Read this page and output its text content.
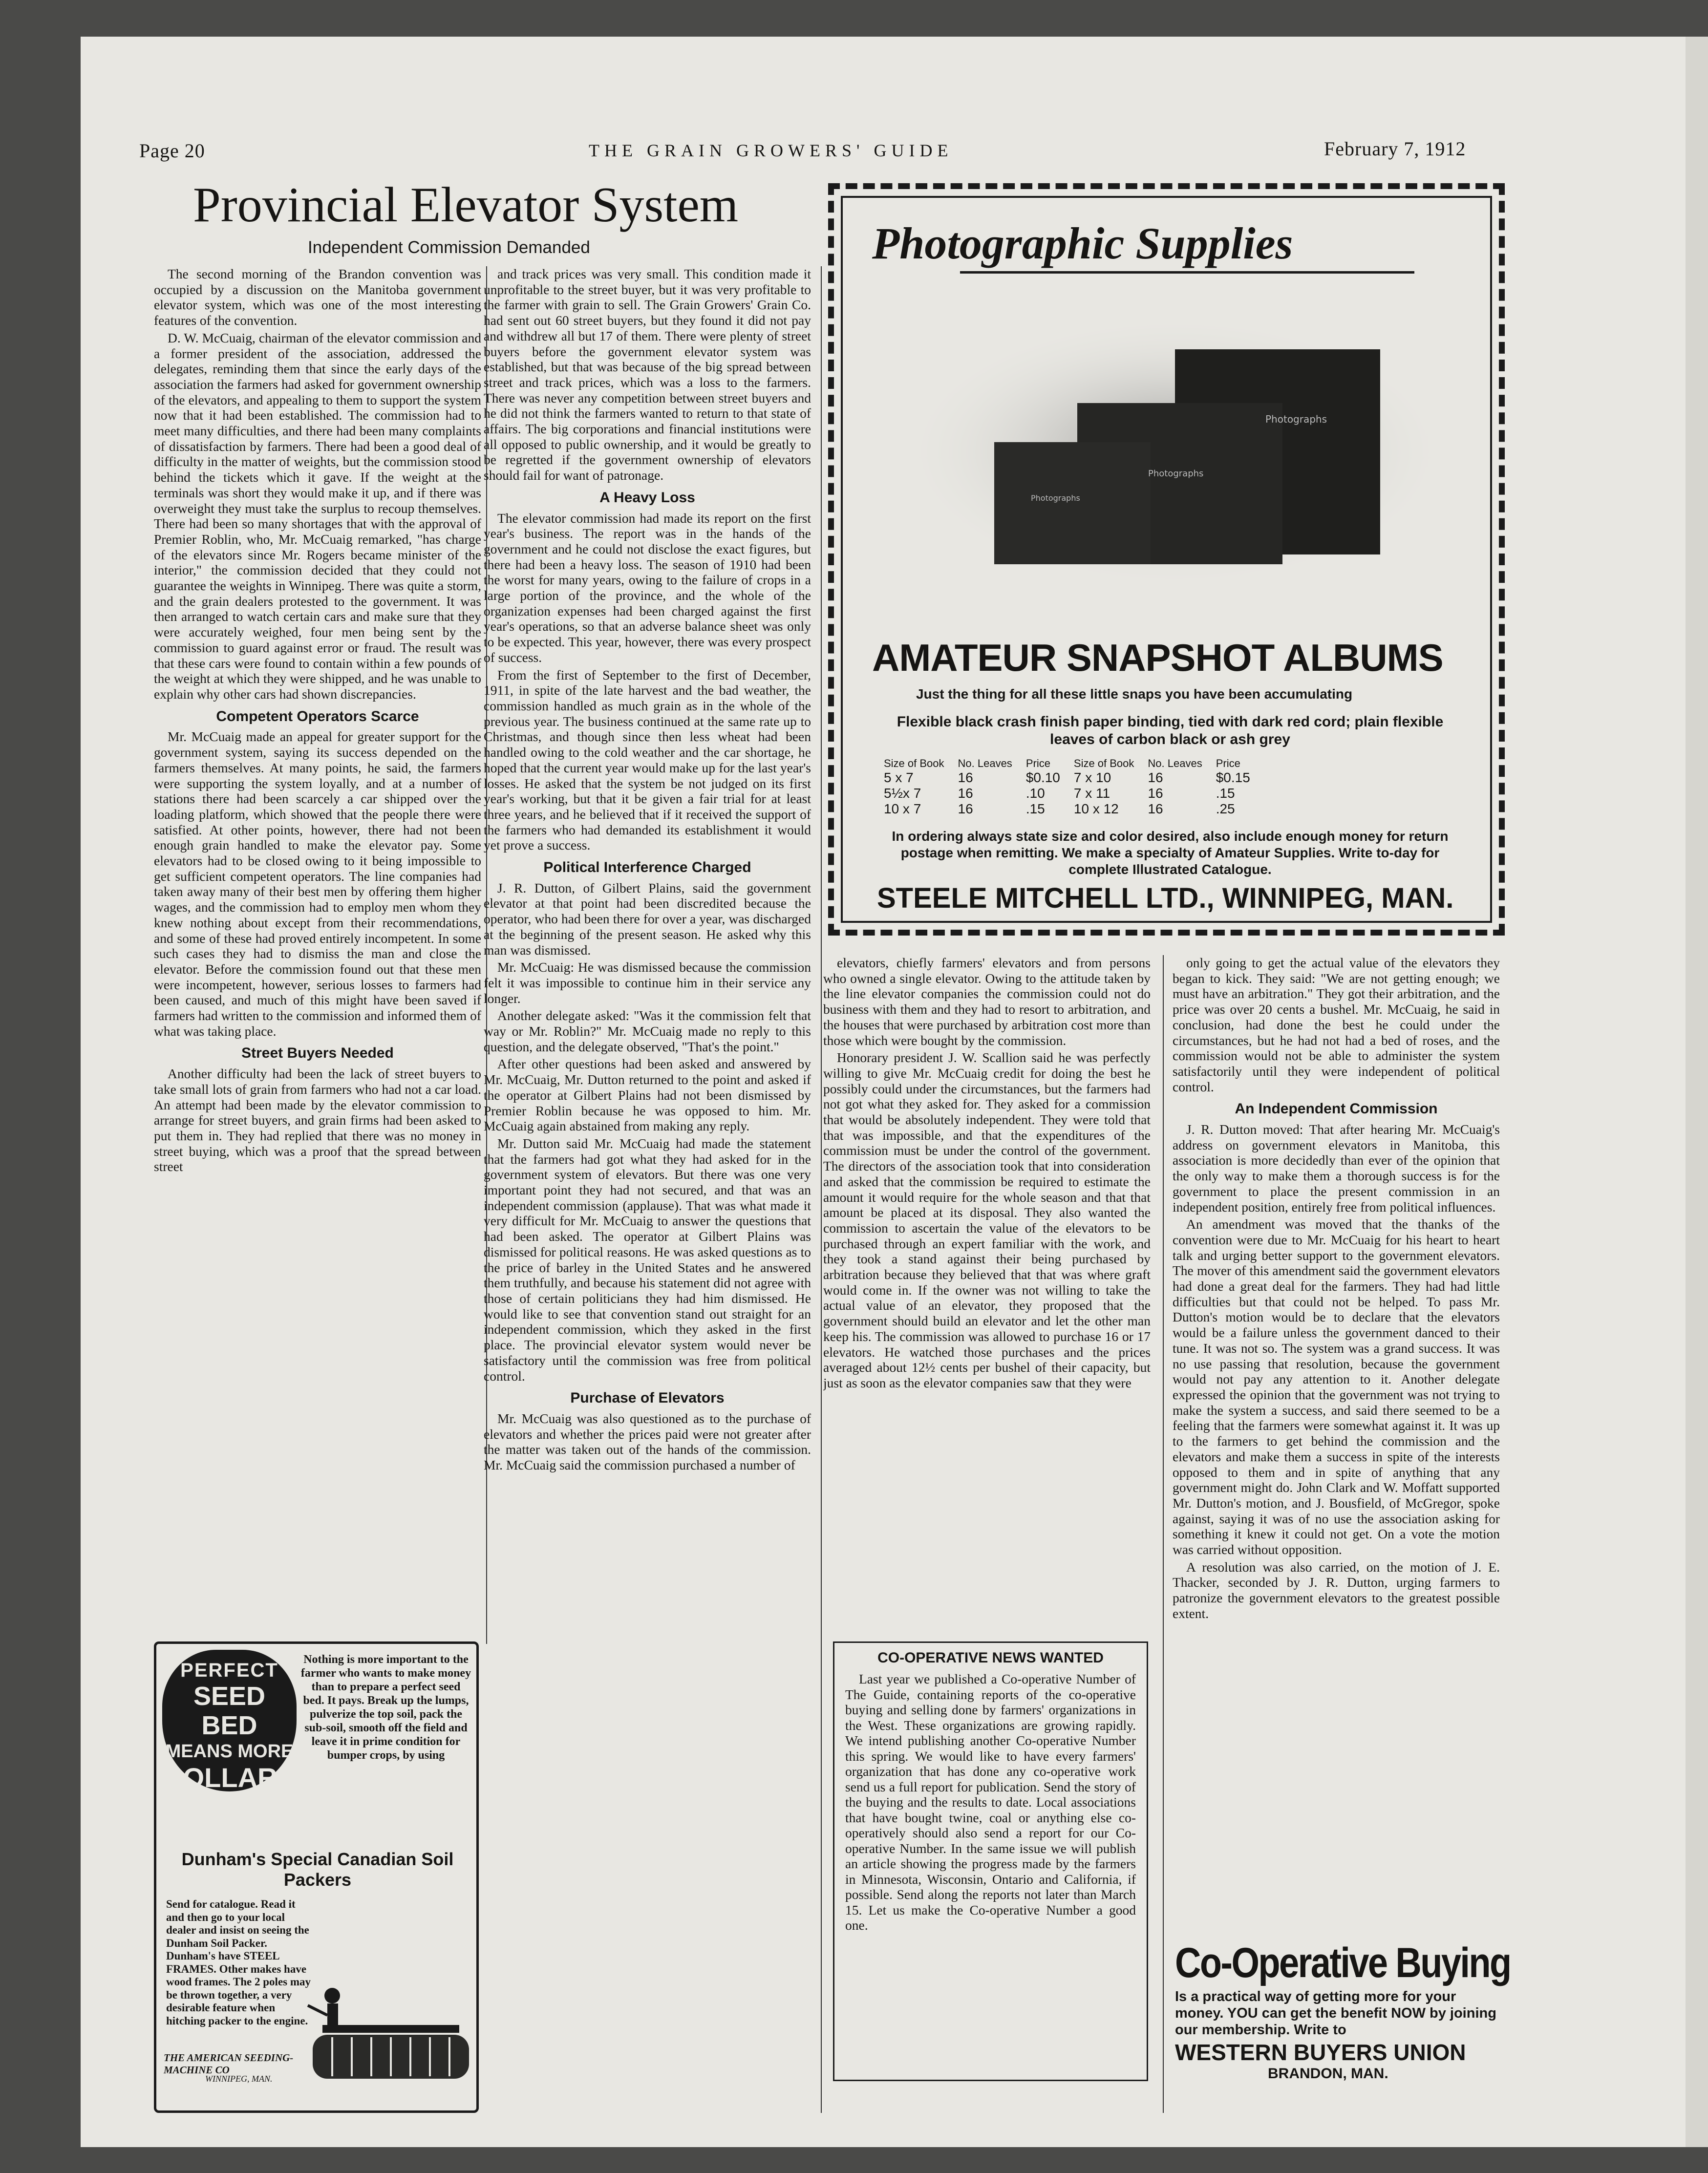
Page 20	THE GRAIN GROWERS' GUIDE	February 7, 1912
Provincial Elevator System
Independent Commission Demanded

The second morning of the Brandon convention was occupied by a discussion on the Manitoba government elevator system, which was one of the most interesting features of the convention.

D. W. McCuaig, chairman of the elevator commission and a former president of the association, addressed the delegates, reminding them that since the early days of the association the farmers had asked for government ownership of the elevators, and appealing to them to support the system now that it had been established. The commission had to meet many difficulties, and there had been many complaints of dissatisfaction by farmers. There had been a good deal of difficulty in the matter of weights, but the commission stood behind the tickets which it gave. If the weight at the terminals was short they would make it up, and if there was overweight they must take the surplus to recoup themselves. There had been so many shortages that with the approval of Premier Roblin, who, Mr. McCuaig remarked, "has charge of the elevators since Mr. Rogers became minister of the interior," the commission decided that they could not guarantee the weights in Winnipeg. There was quite a storm, and the grain dealers protested to the government. It was then arranged to watch certain cars and make sure that they were accurately weighed, four men being sent by the commission to guard against error or fraud. The result was that these cars were found to contain within a few pounds of the weight at which they were shipped, and he was unable to explain why other cars had shown discrepancies.

Competent Operators Scarce

Mr. McCuaig made an appeal for greater support for the government system, saying its success depended on the farmers themselves. At many points, he said, the farmers were supporting the system loyally, and at a number of stations there had been scarcely a car shipped over the loading platform, which showed that the people there were satisfied. At other points, however, there had not been enough grain handled to make the elevator pay. Some elevators had to be closed owing to it being impossible to get sufficient competent operators. The line companies had taken away many of their best men by offering them higher wages, and the commission had to employ men whom they knew nothing about except from their recommendations, and some of these had proved entirely incompetent. In some such cases they had to dismiss the man and close the elevator. Before the commission found out that these men were incompetent, however, serious losses to farmers had been caused, and much of this might have been saved if farmers had written to the commission and informed them of what was taking place.

Street Buyers Needed

Another difficulty had been the lack of street buyers to take small lots of grain from farmers who had not a car load. An attempt had been made by the elevator commission to arrange for street buyers, and grain firms had been asked to put them in. They had replied that there was no money in street buying, which was a proof that the spread between street

and track prices was very small. This condition made it unprofitable to the street buyer, but it was very profitable to the farmer with grain to sell. The Grain Growers' Grain Co. had sent out 60 street buyers, but they found it did not pay and withdrew all but 17 of them. There were plenty of street buyers before the government elevator system was established, but that was because of the big spread between street and track prices, which was a loss to the farmers. There was never any competition between street buyers and he did not think the farmers wanted to return to that state of affairs. The big corporations and financial institutions were all opposed to public ownership, and it would be greatly to be regretted if the government ownership of elevators should fail for want of patronage.

A Heavy Loss

The elevator commission had made its report on the first year's business. The report was in the hands of the government and he could not disclose the exact figures, but there had been a heavy loss. The season of 1910 had been the worst for many years, owing to the failure of crops in a large portion of the province, and the whole of the organization expenses had been charged against the first year's operations, so that an adverse balance sheet was only to be expected. This year, however, there was every prospect of success.

From the first of September to the first of December, 1911, in spite of the late harvest and the bad weather, the commission handled as much grain as in the whole of the previous year. The business continued at the same rate up to Christmas, and though since then less wheat had been handled owing to the cold weather and the car shortage, he hoped that the current year would make up for the last year's losses. He asked that the system be not judged on its first year's working, but that it be given a fair trial for at least three years, and he believed that if it received the support of the farmers who had demanded its establishment it would yet prove a success.

Political Interference Charged

J. R. Dutton, of Gilbert Plains, said the government elevator at that point had been discredited because the operator, who had been there for over a year, was discharged at the beginning of the present season. He asked why this man was dismissed.

Mr. McCuaig: He was dismissed because the commission felt it was impossible to continue him in their service any longer.

Another delegate asked: "Was it the commission felt that way or Mr. Roblin?" Mr. McCuaig made no reply to this question, and the delegate observed, "That's the point."

After other questions had been asked and answered by Mr. McCuaig, Mr. Dutton returned to the point and asked if the operator at Gilbert Plains had not been dismissed by Premier Roblin because he was opposed to him. Mr. McCuaig again abstained from making any reply.

Mr. Dutton said Mr. McCuaig had made the statement that the farmers had got what they had asked for in the government system of elevators. But there was one very important point they had not secured, and that was an independent commission (applause). That was what made it very difficult for Mr. McCuaig to answer the questions that had been asked. The operator at Gilbert Plains was dismissed for political reasons. He was asked questions as to the price of barley in the United States and he answered them truthfully, and because his statement did not agree with those of certain politicians they had him dismissed. He would like to see that convention stand out straight for an independent commission, which they asked in the first place. The provincial elevator system would never be satisfactory until the commission was free from political control.

Purchase of Elevators

Mr. McCuaig was also questioned as to the purchase of elevators and whether the prices paid were not greater after the matter was taken out of the hands of the commission. Mr. McCuaig said the commission purchased a number of

Photographic Supplies
Photographs
Photographs
Photographs
AMATEUR SNAPSHOT ALBUMS
Just the thing for all these little snaps you have been accumulating
Flexible black crash finish paper binding, tied with dark red cord; plain flexible leaves of carbon black or ash grey
Size of Book	No. Leaves	Price	Size of Book	No. Leaves	Price
5 x 7	16	$0.10	7 x 10	16	$0.15
5½x 7	16	.10	7 x 11	16	.15
10 x 7	16	.15	10 x 12	16	.25
In ordering always state size and color desired, also include enough money for return postage when remitting. We make a specialty of Amateur Supplies. Write to-day for complete Illustrated Catalogue.
STEELE MITCHELL LTD., WINNIPEG, MAN.

elevators, chiefly farmers' elevators and from persons who owned a single elevator. Owing to the attitude taken by the line elevator companies the commission could not do business with them and they had to resort to arbitration, and the houses that were purchased by arbitration cost more than those which were bought by the commission.

Honorary president J. W. Scallion said he was perfectly willing to give Mr. McCuaig credit for doing the best he possibly could under the circumstances, but the farmers had not got what they asked for. They asked for a commission that would be absolutely independent. They were told that that was impossible, and that the expenditures of the commission must be under the control of the government. The directors of the association took that into consideration and asked that the commission be required to estimate the amount it would require for the whole season and that that amount be placed at its disposal. They also wanted the commission to ascertain the value of the elevators to be purchased through an expert familiar with the work, and they took a stand against their being purchased by arbitration because they believed that that was where graft would come in. If the owner was not willing to take the actual value of an elevator, they proposed that the government should build an elevator and let the other man keep his. The commission was allowed to purchase 16 or 17 elevators. He watched those purchases and the prices averaged about 12½ cents per bushel of their capacity, but just as soon as the elevator companies saw that they were

CO-OPERATIVE NEWS WANTED
Last year we published a Co-operative Number of The Guide, containing reports of the co-operative buying and selling done by farmers' organizations in the West. These organizations are growing rapidly. We intend publishing another Co-operative Number this spring. We would like to have every farmers' organization that has done any co-operative work send us a full report for publication. Send the story of the buying and the results to date. Local associations that have bought twine, coal or anything else co-operatively should also send a report for our Co-operative Number. In the same issue we will publish an article showing the progress made by the farmers in Minnesota, Wisconsin, Ontario and California, if possible. Send along the reports not later than March 15. Let us make the Co-operative Number a good one.

only going to get the actual value of the elevators they began to kick. They said: "We are not getting enough; we must have an arbitration." They got their arbitration, and the price was over 20 cents a bushel. Mr. McCuaig, he said in conclusion, had done the best he could under the circumstances, but he had not had a bed of roses, and the commission would not be able to administer the system satisfactorily until they were independent of political control.

An Independent Commission

J. R. Dutton moved: That after hearing Mr. McCuaig's address on government elevators in Manitoba, this association is more decidedly than ever of the opinion that the only way to make them a thorough success is for the government to place the present commission in an independent position, entirely free from political influences.

An amendment was moved that the thanks of the convention were due to Mr. McCuaig for his heart to heart talk and urging better support to the government elevators. The mover of this amendment said the government elevators had done a great deal for the farmers. They had had little difficulties but that could not be helped. To pass Mr. Dutton's motion would be to declare that the elevators would be a failure unless the government danced to their tune. It was not so. The system was a grand success. It was no use passing that resolution, because the government would not pay any attention to it. Another delegate expressed the opinion that the government was not trying to make the system a success, and said there seemed to be a feeling that the farmers were somewhat against it. It was up to the farmers to get behind the commission and the elevators and make them a success in spite of the interests opposed to them and in spite of anything that any government might do. John Clark and W. Moffatt supported Mr. Dutton's motion, and J. Bousfield, of McGregor, spoke against, saying it was of no use the association asking for something it knew it could not get. On a vote the motion was carried without opposition.

A resolution was also carried, on the motion of J. E. Thacker, seconded by J. R. Dutton, urging farmers to patronize the government elevators to the greatest possible extent.

Co-Operative Buying
Is a practical way of getting more for your money. YOU can get the benefit NOW by joining our membership. Write to
WESTERN BUYERS UNION
BRANDON, MAN.
PERFECT
SEED BED
MEANS MORE
DOLLARS
Nothing is more important to the farmer who wants to make money than to prepare a perfect seed bed. It pays. Break up the lumps, pulverize the top soil, pack the sub-soil, smooth off the field and leave it in prime condition for bumper crops, by using
Dunham's Special Canadian Soil Packers
Send for catalogue. Read it and then go to your local dealer and insist on seeing the Dunham Soil Packer. Dunham's have STEEL FRAMES. Other makes have wood frames. The 2 poles may be thrown together, a very desirable feature when hitching packer to the engine.
THE AMERICAN SEEDING-MACHINE CO
WINNIPEG, MAN.
